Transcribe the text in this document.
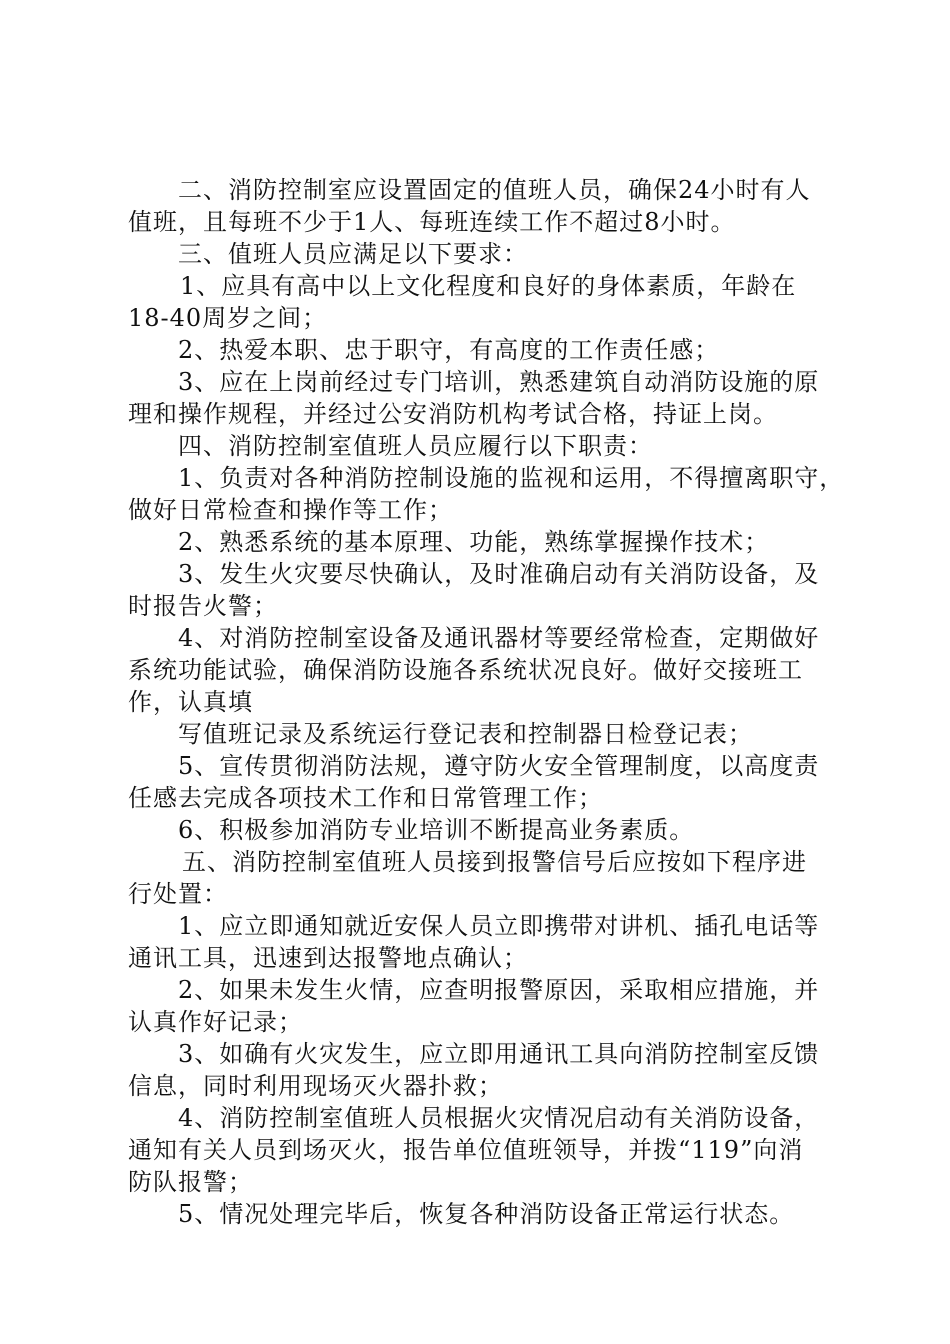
二、消防控制室应设置固定的值班人员，确保24小时有人
值班，且每班不少于1人、每班连续工作不超过8小时。
三、值班人员应满足以下要求：
1、应具有高中以上文化程度和良好的身体素质，年龄在
18-40周岁之间；
2、热爱本职、忠于职守，有高度的工作责任感；
3、应在上岗前经过专门培训，熟悉建筑自动消防设施的原
理和操作规程，并经过公安消防机构考试合格，持证上岗。
四、消防控制室值班人员应履行以下职责：
1、负责对各种消防控制设施的监视和运用，不得擅离职守，
做好日常检查和操作等工作；
2、熟悉系统的基本原理、功能，熟练掌握操作技术；
3、发生火灾要尽快确认，及时准确启动有关消防设备，及
时报告火警；
4、对消防控制室设备及通讯器材等要经常检查，定期做好
系统功能试验，确保消防设施各系统状况良好。做好交接班工
作，认真填
写值班记录及系统运行登记表和控制器日检登记表；
5、宣传贯彻消防法规，遵守防火安全管理制度，以高度责
任感去完成各项技术工作和日常管理工作；
6、积极参加消防专业培训不断提高业务素质。
五、消防控制室值班人员接到报警信号后应按如下程序进
行处置：
1、应立即通知就近安保人员立即携带对讲机、插孔电话等
通讯工具，迅速到达报警地点确认；
2、如果未发生火情，应查明报警原因，采取相应措施，并
认真作好记录；
3、如确有火灾发生，应立即用通讯工具向消防控制室反馈
信息，同时利用现场灭火器扑救；
4、消防控制室值班人员根据火灾情况启动有关消防设备，
通知有关人员到场灭火，报告单位值班领导，并拨“119”向消
防队报警；
5、情况处理完毕后，恢复各种消防设备正常运行状态。
